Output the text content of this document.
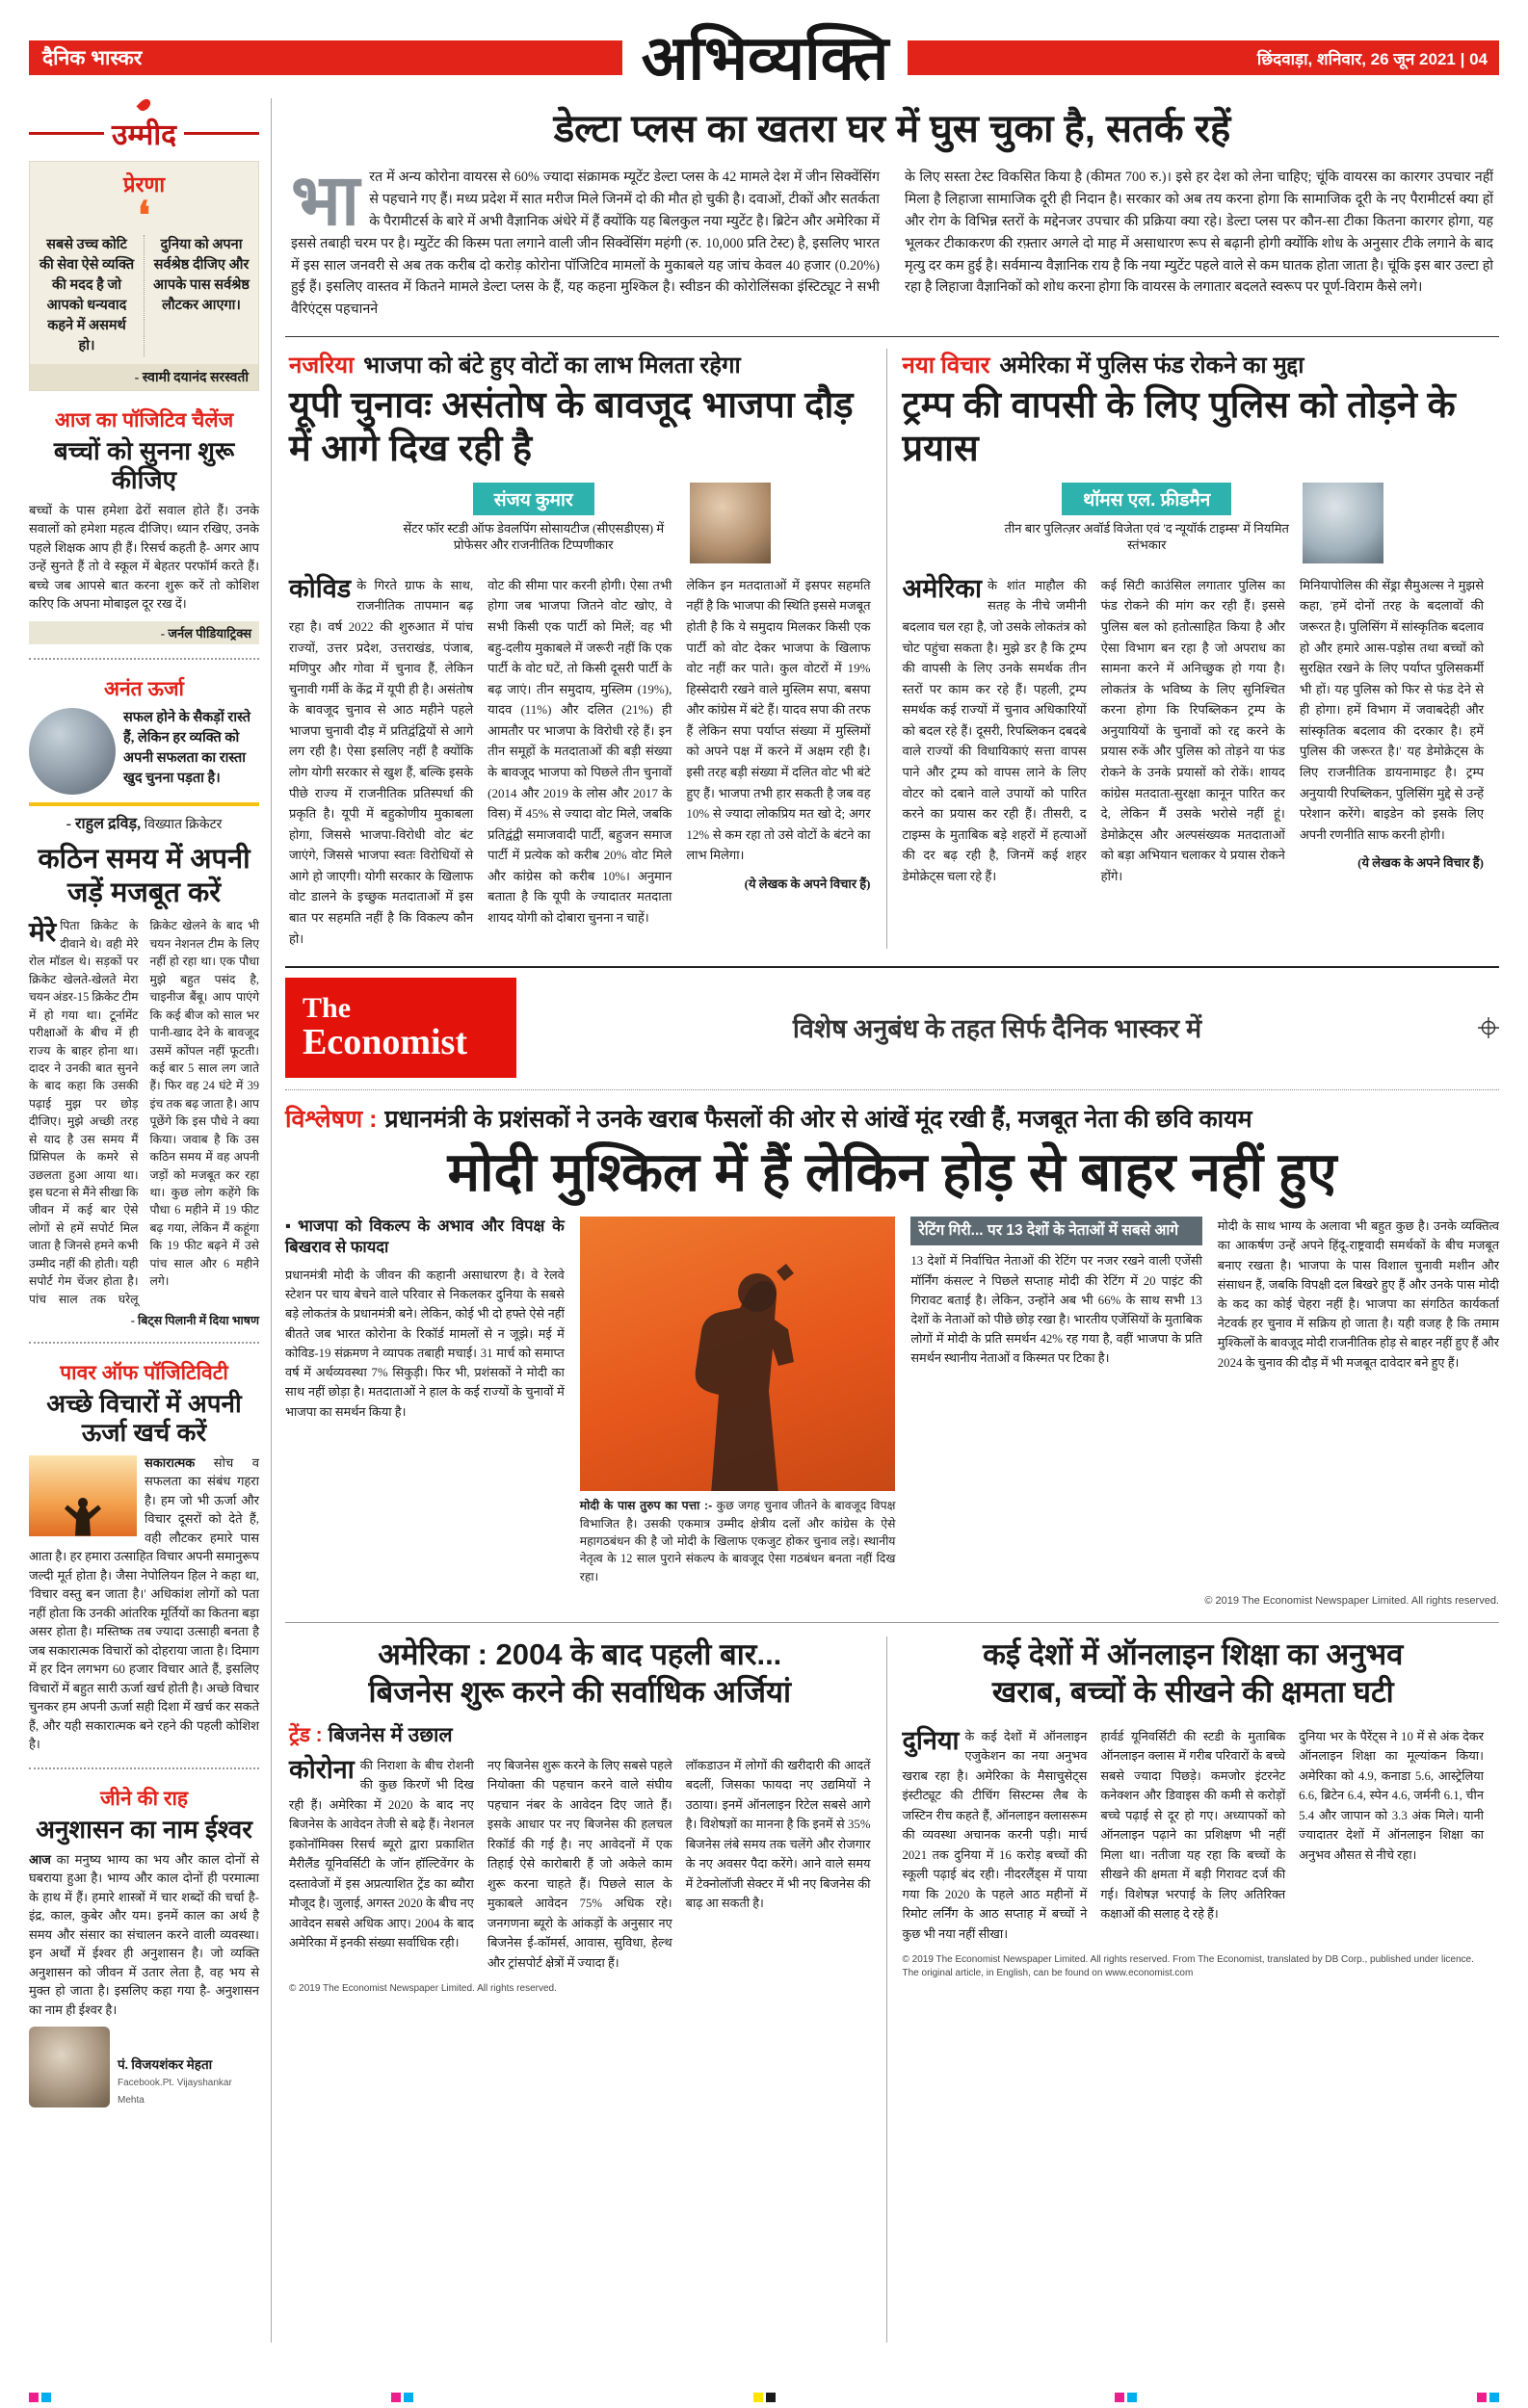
दैनिक भास्कर	अभिव्यक्ति	छिंदवाड़ा, शनिवार, 26 जून 2021 | 04
उम्मीद
प्रेरणा
❛
सबसे उच्च कोटि की सेवा ऐसे व्यक्ति की मदद है जो आपको धन्यवाद कहने में असमर्थ हो।
दुनिया को अपना सर्वश्रेष्ठ दीजिए और आपके पास सर्वश्रेष्ठ लौटकर आएगा।
- स्वामी दयानंद सरस्वती
आज का पॉजिटिव चैलेंज
बच्चों को सुनना शुरू कीजिए

बच्चों के पास हमेशा ढेरों सवाल होते हैं। उनके सवालों को हमेशा महत्व दीजिए। ध्यान रखिए, उनके पहले शिक्षक आप ही हैं। रिसर्च कहती है- अगर आप उन्हें सुनते हैं तो वे स्कूल में बेहतर परफॉर्म करते हैं। बच्चे जब आपसे बात करना शुरू करें तो कोशिश करिए कि अपना मोबाइल दूर रख दें।

- जर्नल पीडियाट्रिक्स
अनंत ऊर्जा
सफल होने के सैकड़ों रास्ते हैं, लेकिन हर व्यक्ति को अपनी सफलता का रास्ता खुद चुनना पड़ता है।
- राहुल द्रविड़, विख्यात क्रिकेटर
कठिन समय में अपनी जड़ें मजबूत करें
मेरे पिता क्रिकेट के दीवाने थे। वही मेरे रोल मॉडल थे। सड़कों पर क्रिकेट खेलते-खेलते मेरा चयन अंडर-15 क्रिकेट टीम में हो गया था। टूर्नामेंट परीक्षाओं के बीच में ही राज्य के बाहर होना था। दादर ने उनकी बात सुनने के बाद कहा कि उसकी पढ़ाई मुझ पर छोड़ दीजिए। मुझे अच्छी तरह से याद है उस समय मैं प्रिंसिपल के कमरे से उछलता हुआ आया था। इस घटना से मैंने सीखा कि जीवन में कई बार ऐसे लोगों से हमें सपोर्ट मिल जाता है जिनसे हमने कभी उम्मीद नहीं की होती। यही सपोर्ट गेम चेंजर होता है। पांच साल तक घरेलू क्रिकेट खेलने के बाद भी चयन नेशनल टीम के लिए नहीं हो रहा था। एक पौधा मुझे बहुत पसंद है, चाइनीज बैंबू। आप पाएंगे कि कई बीज को साल भर पानी-खाद देने के बावजूद उसमें कोंपल नहीं फूटती। कई बार 5 साल लग जाते हैं। फिर वह 24 घंटे में 39 इंच तक बढ़ जाता है। आप पूछेंगे कि इस पौधे ने क्या किया। जवाब है कि उस कठिन समय में वह अपनी जड़ों को मजबूत कर रहा था। कुछ लोग कहेंगे कि पौधा 6 महीने में 19 फीट बढ़ गया, लेकिन मैं कहूंगा कि 19 फीट बढ़ने में उसे पांच साल और 6 महीने लगे।
- बिट्स पिलानी में दिया भाषण
पावर ऑफ पॉजिटिविटी
अच्छे विचारों में अपनी ऊर्जा खर्च करें
सकारात्मक सोच व सफलता का संबंध गहरा है। हम जो भी ऊर्जा और विचार दूसरों को देते हैं, वही लौटकर हमारे पास आता है। हर हमारा उत्साहित विचार अपनी समानुरूप जल्दी मूर्त होता है। जैसा नेपोलियन हिल ने कहा था, 'विचार वस्तु बन जाता है।' अधिकांश लोगों को पता नहीं होता कि उनकी आंतरिक मूर्तियों का कितना बड़ा असर होता है। मस्तिष्क तब ज्यादा उत्साही बनता है जब सकारात्मक विचारों को दोहराया जाता है। दिमाग में हर दिन लगभग 60 हजार विचार आते हैं, इसलिए विचारों में बहुत सारी ऊर्जा खर्च होती है। अच्छे विचार चुनकर हम अपनी ऊर्जा सही दिशा में खर्च कर सकते हैं, और यही सकारात्मक बने रहने की पहली कोशिश है।
जीने की राह
अनुशासन का नाम ईश्वर

आज का मनुष्य भाग्य का भय और काल दोनों से घबराया हुआ है। भाग्य और काल दोनों ही परमात्मा के हाथ में हैं। हमारे शास्त्रों में चार शब्दों की चर्चा है- इंद्र, काल, कुबेर और यम। इनमें काल का अर्थ है समय और संसार का संचालन करने वाली व्यवस्था। इन अर्थों में ईश्वर ही अनुशासन है। जो व्यक्ति अनुशासन को जीवन में उतार लेता है, वह भय से मुक्त हो जाता है। इसलिए कहा गया है- अनुशासन का नाम ही ईश्वर है।

पं. विजयशंकर मेहता
Facebook.Pt. Vijayshankar Mehta
डेल्टा प्लस का खतरा घर में घुस चुका है, सतर्क रहें
भारत में अन्य कोरोना वायरस से 60% ज्यादा संक्रामक म्यूटेंट डेल्टा प्लस के 42 मामले देश में जीन सिक्वेंसिंग से पहचाने गए हैं। मध्य प्रदेश में सात मरीज मिले जिनमें दो की मौत हो चुकी है। दवाओं, टीकों और सतर्कता के पैरामीटर्स के बारे में अभी वैज्ञानिक अंधेरे में हैं क्योंकि यह बिलकुल नया म्युटेंट है। ब्रिटेन और अमेरिका में इससे तबाही चरम पर है। म्युटेंट की किस्म पता लगाने वाली जीन सिक्वेंसिंग महंगी (रु. 10,000 प्रति टेस्ट) है, इसलिए भारत में इस साल जनवरी से अब तक करीब दो करोड़ कोरोना पॉजिटिव मामलों के मुकाबले यह जांच केवल 40 हजार (0.20%) हुई हैं। इसलिए वास्तव में कितने मामले डेल्टा प्लस के हैं, यह कहना मुश्किल है। स्वीडन की कोरोलिंसका इंस्टिट्यूट ने सभी वैरिएंट्स पहचानने
के लिए सस्ता टेस्ट विकसित किया है (कीमत 700 रु.)। इसे हर देश को लेना चाहिए; चूंकि वायरस का कारगर उपचार नहीं मिला है लिहाजा सामाजिक दूरी ही निदान है। सरकार को अब तय करना होगा कि सामाजिक दूरी के नए पैरामीटर्स क्या हों और रोग के विभिन्न स्तरों के मद्देनजर उपचार की प्रक्रिया क्या रहे। डेल्टा प्लस पर कौन-सा टीका कितना कारगर होगा, यह भूलकर टीकाकरण की रफ़्तार अगले दो माह में असाधारण रूप से बढ़ानी होगी क्योंकि शोध के अनुसार टीके लगाने के बाद मृत्यु दर कम हुई है। सर्वमान्य वैज्ञानिक राय है कि नया म्युटेंट पहले वाले से कम घातक होता जाता है। चूंकि इस बार उल्टा हो रहा है लिहाजा वैज्ञानिकों को शोध करना होगा कि वायरस के लगातार बदलते स्वरूप पर पूर्ण-विराम कैसे लगे।
नजरिया भाजपा को बंटे हुए वोटों का लाभ मिलता रहेगा
यूपी चुनावः असंतोष के बावजूद भाजपा दौड़ में आगे दिख रही है
संजय कुमार
सेंटर फॉर स्टडी ऑफ डेवलपिंग सोसायटीज (सीएसडीएस) में प्रोफेसर और राजनीतिक टिप्पणीकार
कोविड के गिरते ग्राफ के साथ, राजनीतिक तापमान बढ़ रहा है। वर्ष 2022 की शुरुआत में पांच राज्यों, उत्तर प्रदेश, उत्तराखंड, पंजाब, मणिपुर और गोवा में चुनाव हैं, लेकिन चुनावी गर्मी के केंद्र में यूपी ही है। असंतोष के बावजूद चुनाव से आठ महीने पहले भाजपा चुनावी दौड़ में प्रतिद्वंद्वियों से आगे लग रही है। ऐसा इसलिए नहीं है क्योंकि लोग योगी सरकार से खुश हैं, बल्कि इसके पीछे राज्य में राजनीतिक प्रतिस्पर्धा की प्रकृति है। यूपी में बहुकोणीय मुकाबला होगा, जिससे भाजपा-विरोधी वोट बंट जाएंगे, जिससे भाजपा स्वतः विरोधियों से आगे हो जाएगी। योगी सरकार के खिलाफ वोट डालने के इच्छुक मतदाताओं में इस बात पर सहमति नहीं है कि विकल्प कौन हो।
वोट की सीमा पार करनी होगी। ऐसा तभी होगा जब भाजपा जितने वोट खोए, वे सभी किसी एक पार्टी को मिलें; वह भी बहु-दलीय मुकाबले में जरूरी नहीं कि एक पार्टी के वोट घटें, तो किसी दूसरी पार्टी के बढ़ जाएं। तीन समुदाय, मुस्लिम (19%), यादव (11%) और दलित (21%) ही आमतौर पर भाजपा के विरोधी रहे हैं। इन तीन समूहों के मतदाताओं की बड़ी संख्या के बावजूद भाजपा को पिछले तीन चुनावों (2014 और 2019 के लोस और 2017 के विस) में 45% से ज्यादा वोट मिले, जबकि प्रतिद्वंद्वी समाजवादी पार्टी, बहुजन समाज पार्टी में प्रत्येक को करीब 20% वोट मिले और कांग्रेस को करीब 10%। अनुमान बताता है कि यूपी के ज्यादातर मतदाता शायद योगी को दोबारा चुनना न चाहें।
लेकिन इन मतदाताओं में इसपर सहमति नहीं है कि भाजपा की स्थिति इससे मजबूत होती है कि ये समुदाय मिलकर किसी एक पार्टी को वोट देकर भाजपा के खिलाफ वोट नहीं कर पाते। कुल वोटरों में 19% हिस्सेदारी रखने वाले मुस्लिम सपा, बसपा और कांग्रेस में बंटे हैं। यादव सपा की तरफ हैं लेकिन सपा पर्याप्त संख्या में मुस्लिमों को अपने पक्ष में करने में अक्षम रही है। इसी तरह बड़ी संख्या में दलित वोट भी बंटे हुए हैं। भाजपा तभी हार सकती है जब वह 10% से ज्यादा लोकप्रिय मत खो दे; अगर 12% से कम रहा तो उसे वोटों के बंटने का लाभ मिलेगा।
(ये लेखक के अपने विचार हैं)
नया विचार अमेरिका में पुलिस फंड रोकने का मुद्दा
ट्रम्प की वापसी के लिए पुलिस को तोड़ने के प्रयास
थॉमस एल. फ्रीडमैन
तीन बार पुलित्ज़र अवॉर्ड विजेता एवं 'द न्यूयॉर्क टाइम्स' में नियमित स्तंभकार
अमेरिका के शांत माहौल की सतह के नीचे जमीनी बदलाव चल रहा है, जो उसके लोकतंत्र को चोट पहुंचा सकता है। मुझे डर है कि ट्रम्प की वापसी के लिए उनके समर्थक तीन स्तरों पर काम कर रहे हैं। पहली, ट्रम्प समर्थक कई राज्यों में चुनाव अधिकारियों को बदल रहे हैं। दूसरी, रिपब्लिकन दबदबे वाले राज्यों की विधायिकाएं सत्ता वापस पाने और ट्रम्प को वापस लाने के लिए वोटर को दबाने वाले उपायों को पारित करने का प्रयास कर रही हैं। तीसरी, द टाइम्स के मुताबिक बड़े शहरों में हत्याओं की दर बढ़ रही है, जिनमें कई शहर डेमोक्रेट्स चला रहे हैं।
कई सिटी काउंसिल लगातार पुलिस का फंड रोकने की मांग कर रही हैं। इससे पुलिस बल को हतोत्साहित किया है और ऐसा विभाग बन रहा है जो अपराध का सामना करने में अनिच्छुक हो गया है। लोकतंत्र के भविष्य के लिए सुनिश्चित करना होगा कि रिपब्लिकन ट्रम्प के अनुयायियों के चुनावों को रद्द करने के प्रयास रुकें और पुलिस को तोड़ने या फंड रोकने के उनके प्रयासों को रोकें। शायद कांग्रेस मतदाता-सुरक्षा कानून पारित कर दे, लेकिन मैं उसके भरोसे नहीं हूं। डेमोक्रेट्स और अल्पसंख्यक मतदाताओं को बड़ा अभियान चलाकर ये प्रयास रोकने होंगे।
मिनियापोलिस की सेंड्रा सैमुअल्स ने मुझसे कहा, 'हमें दोनों तरह के बदलावों की जरूरत है। पुलिसिंग में सांस्कृतिक बदलाव हो और हमारे आस-पड़ोस तथा बच्चों को सुरक्षित रखने के लिए पर्याप्त पुलिसकर्मी भी हों। यह पुलिस को फिर से फंड देने से ही होगा। हमें विभाग में जवाबदेही और सांस्कृतिक बदलाव की दरकार है। हमें पुलिस की जरूरत है।' यह डेमोक्रेट्स के लिए राजनीतिक डायनामाइट है। ट्रम्प अनुयायी रिपब्लिकन, पुलिसिंग मुद्दे से उन्हें परेशान करेंगे। बाइडेन को इसके लिए अपनी रणनीति साफ करनी होगी।
(ये लेखक के अपने विचार हैं)
The
Economist	विशेष अनुबंध के तहत सिर्फ दैनिक भास्कर में
विश्लेषण : प्रधानमंत्री के प्रशंसकों ने उनके खराब फैसलों की ओर से आंखें मूंद रखी हैं, मजबूत नेता की छवि कायम
मोदी मुश्किल में हैं लेकिन होड़ से बाहर नहीं हुए
▪ भाजपा को विकल्प के अभाव और विपक्ष के बिखराव से फायदा

प्रधानमंत्री मोदी के जीवन की कहानी असाधारण है। वे रेलवे स्टेशन पर चाय बेचने वाले परिवार से निकलकर दुनिया के सबसे बड़े लोकतंत्र के प्रधानमंत्री बने। लेकिन, कोई भी दो हफ्ते ऐसे नहीं बीतते जब भारत कोरोना के रिकॉर्ड मामलों से न जूझे। मई में कोविड-19 संक्रमण ने व्यापक तबाही मचाई। 31 मार्च को समाप्त वर्ष में अर्थव्यवस्था 7% सिकुड़ी। फिर भी, प्रशंसकों ने मोदी का साथ नहीं छोड़ा है। मतदाताओं ने हाल के कई राज्यों के चुनावों में भाजपा का समर्थन किया है।

मोदी के पास तुरुप का पत्ता :- कुछ जगह चुनाव जीतने के बावजूद विपक्ष विभाजित है। उसकी एकमात्र उम्मीद क्षेत्रीय दलों और कांग्रेस के ऐसे महागठबंधन की है जो मोदी के खिलाफ एकजुट होकर चुनाव लड़े। स्थानीय नेतृत्व के 12 साल पुराने संकल्प के बावजूद ऐसा गठबंधन बनता नहीं दिख रहा।
रेटिंग गिरी... पर 13 देशों के नेताओं में सबसे आगे

13 देशों में निर्वाचित नेताओं की रेटिंग पर नजर रखने वाली एजेंसी मॉर्निंग कंसल्ट ने पिछले सप्ताह मोदी की रेटिंग में 20 पाइंट की गिरावट बताई है। लेकिन, उन्होंने अब भी 66% के साथ सभी 13 देशों के नेताओं को पीछे छोड़ रखा है। भारतीय एजेंसियों के मुताबिक लोगों में मोदी के प्रति समर्थन 42% रह गया है, वहीं भाजपा के प्रति समर्थन स्थानीय नेताओं व किस्मत पर टिका है।

मोदी के साथ भाग्य के अलावा भी बहुत कुछ है। उनके व्यक्तित्व का आकर्षण उन्हें अपने हिंदू-राष्ट्रवादी समर्थकों के बीच मजबूत बनाए रखता है। भाजपा के पास विशाल चुनावी मशीन और संसाधन हैं, जबकि विपक्षी दल बिखरे हुए हैं और उनके पास मोदी के कद का कोई चेहरा नहीं है। भाजपा का संगठित कार्यकर्ता नेटवर्क हर चुनाव में सक्रिय हो जाता है। यही वजह है कि तमाम मुश्किलों के बावजूद मोदी राजनीतिक होड़ से बाहर नहीं हुए हैं और 2024 के चुनाव की दौड़ में भी मजबूत दावेदार बने हुए हैं।
© 2019 The Economist Newspaper Limited. All rights reserved.
अमेरिका : 2004 के बाद पहली बार...
बिजनेस शुरू करने की सर्वाधिक अर्जियां
ट्रेंड : बिजनेस में उछाल
कोरोना की निराशा के बीच रोशनी की कुछ किरणें भी दिख रही हैं। अमेरिका में 2020 के बाद नए बिजनेस के आवेदन तेजी से बढ़े हैं। नेशनल इकोनॉमिक्स रिसर्च ब्यूरो द्वारा प्रकाशित मैरीलैंड यूनिवर्सिटी के जॉन हॉल्टिवेंगर के दस्तावेजों में इस अप्रत्याशित ट्रेंड का ब्यौरा मौजूद है। जुलाई, अगस्त 2020 के बीच नए आवेदन सबसे अधिक आए। 2004 के बाद अमेरिका में इनकी संख्या सर्वाधिक रही।
नए बिजनेस शुरू करने के लिए सबसे पहले नियोक्ता की पहचान करने वाले संघीय पहचान नंबर के आवेदन दिए जाते हैं। इसके आधार पर नए बिजनेस की हलचल रिकॉर्ड की गई है। नए आवेदनों में एक तिहाई ऐसे कारोबारी हैं जो अकेले काम शुरू करना चाहते हैं। पिछले साल के मुकाबले आवेदन 75% अधिक रहे। जनगणना ब्यूरो के आंकड़ों के अनुसार नए बिजनेस ई-कॉमर्स, आवास, सुविधा, हेल्थ और ट्रांसपोर्ट क्षेत्रों में ज्यादा हैं।
लॉकडाउन में लोगों की खरीदारी की आदतें बदलीं, जिसका फायदा नए उद्यमियों ने उठाया। इनमें ऑनलाइन रिटेल सबसे आगे है। विशेषज्ञों का मानना है कि इनमें से 35% बिजनेस लंबे समय तक चलेंगे और रोजगार के नए अवसर पैदा करेंगे। आने वाले समय में टेक्नोलॉजी सेक्टर में भी नए बिजनेस की बाढ़ आ सकती है।
© 2019 The Economist Newspaper Limited. All rights reserved.
कई देशों में ऑनलाइन शिक्षा का अनुभव
खराब, बच्चों के सीखने की क्षमता घटी
दुनिया के कई देशों में ऑनलाइन एजुकेशन का नया अनुभव खराब रहा है। अमेरिका के मैसाचुसेट्स इंस्टीट्यूट की टीचिंग सिस्टम्स लैब के जस्टिन रीच कहते हैं, ऑनलाइन क्लासरूम की व्यवस्था अचानक करनी पड़ी। मार्च 2021 तक दुनिया में 16 करोड़ बच्चों की स्कूली पढ़ाई बंद रही। नीदरलैंड्स में पाया गया कि 2020 के पहले आठ महीनों में रिमोट लर्निंग के आठ सप्ताह में बच्चों ने कुछ भी नया नहीं सीखा।
हार्वर्ड यूनिवर्सिटी की स्टडी के मुताबिक ऑनलाइन क्लास में गरीब परिवारों के बच्चे सबसे ज्यादा पिछड़े। कमजोर इंटरनेट कनेक्शन और डिवाइस की कमी से करोड़ों बच्चे पढ़ाई से दूर हो गए। अध्यापकों को ऑनलाइन पढ़ाने का प्रशिक्षण भी नहीं मिला था। नतीजा यह रहा कि बच्चों के सीखने की क्षमता में बड़ी गिरावट दर्ज की गई। विशेषज्ञ भरपाई के लिए अतिरिक्त कक्षाओं की सलाह दे रहे हैं।
दुनिया भर के पैरेंट्स ने 10 में से अंक देकर ऑनलाइन शिक्षा का मूल्यांकन किया। अमेरिका को 4.9, कनाडा 5.6, आस्ट्रेलिया 6.6, ब्रिटेन 6.4, स्पेन 4.6, जर्मनी 6.1, चीन 5.4 और जापान को 3.3 अंक मिले। यानी ज्यादातर देशों में ऑनलाइन शिक्षा का अनुभव औसत से नीचे रहा।
© 2019 The Economist Newspaper Limited. All rights reserved. From The Economist, translated by DB Corp., published under licence. The original article, in English, can be found on www.economist.com
